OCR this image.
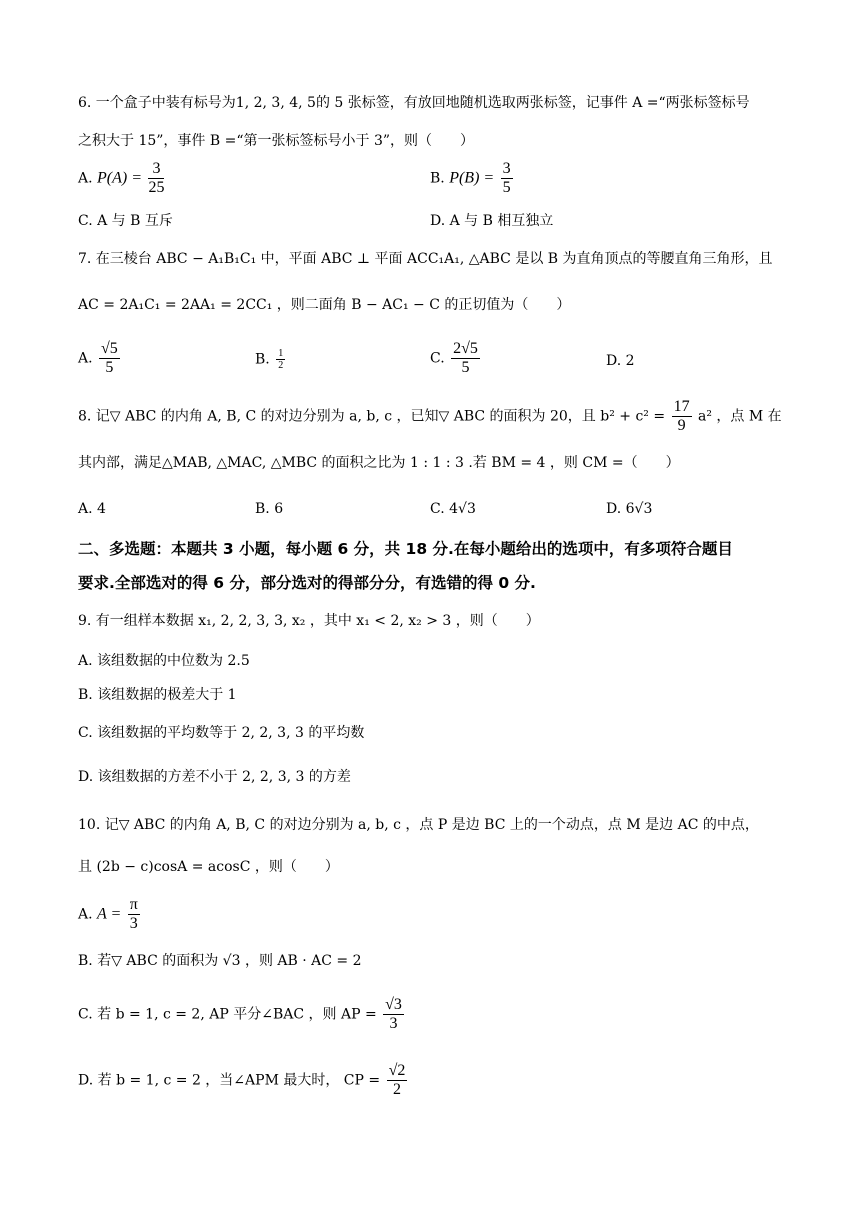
6. 一个盒子中装有标号为1, 2, 3, 4, 5的 5 张标签，有放回地随机选取两张标签，记事件 A =“两张标签标号
之积大于 15”，事件 B =“第一张标签标号小于 3”，则（　　）
A. $P(A) = \frac{3}{25}$	B. $P(B) = \frac{3}{5}$
C. A 与 B 互斥	D. A 与 B 相互独立
7. 在三棱台 ABC − A₁B₁C₁ 中，平面 ABC ⊥ 平面 ACC₁A₁, △ABC 是以 B 为直角顶点的等腰直角三角形，且
AC = 2A₁C₁ = 2AA₁ = 2CC₁ ，则二面角 B − AC₁ − C 的正切值为（　　）
A. $\frac{√5}{5}$	B. $\frac{1}{2}$	C. $\frac{2√5}{5}$	D. 2
8. 记▽ ABC 的内角 A, B, C 的对边分别为 a, b, c ，已知▽ ABC 的面积为 20，且 $b^2 + c^2 = \frac{17}{9} a^2$ ，点 M 在
其内部，满足△MAB, △MAC, △MBC 的面积之比为 1 : 1 : 3 .若 BM = 4 ，则 CM =（　　）
A. 4	B. 6	C. 4√3	D. 6√3
二、多选题：本题共 3 小题，每小题 6 分，共 18 分.在每小题给出的选项中，有多项符合题目
要求.全部选对的得 6 分，部分选对的得部分分，有选错的得 0 分.
9. 有一组样本数据 x₁, 2, 2, 3, 3, x₂ ，其中 x₁ < 2, x₂ > 3 ，则（　　）
A. 该组数据的中位数为 2.5
B. 该组数据的极差大于 1
C. 该组数据的平均数等于 2, 2, 3, 3 的平均数
D. 该组数据的方差不小于 2, 2, 3, 3 的方差
10. 记▽ ABC 的内角 A, B, C 的对边分别为 a, b, c ，点 P 是边 BC 上的一个动点，点 M 是边 AC 的中点，
且 (2b − c)cosA = acosC ，则（　　）
A. $A = \frac{\pi}{3}$
B. 若▽ ABC 的面积为 √3 ，则 AB · AC = 2
C. 若 b = 1, c = 2, AP 平分∠BAC ，则 AP = $\frac{√3}{3}$
D. 若 b = 1, c = 2 ，当∠APM 最大时， CP = $\frac{√2}{2}$
